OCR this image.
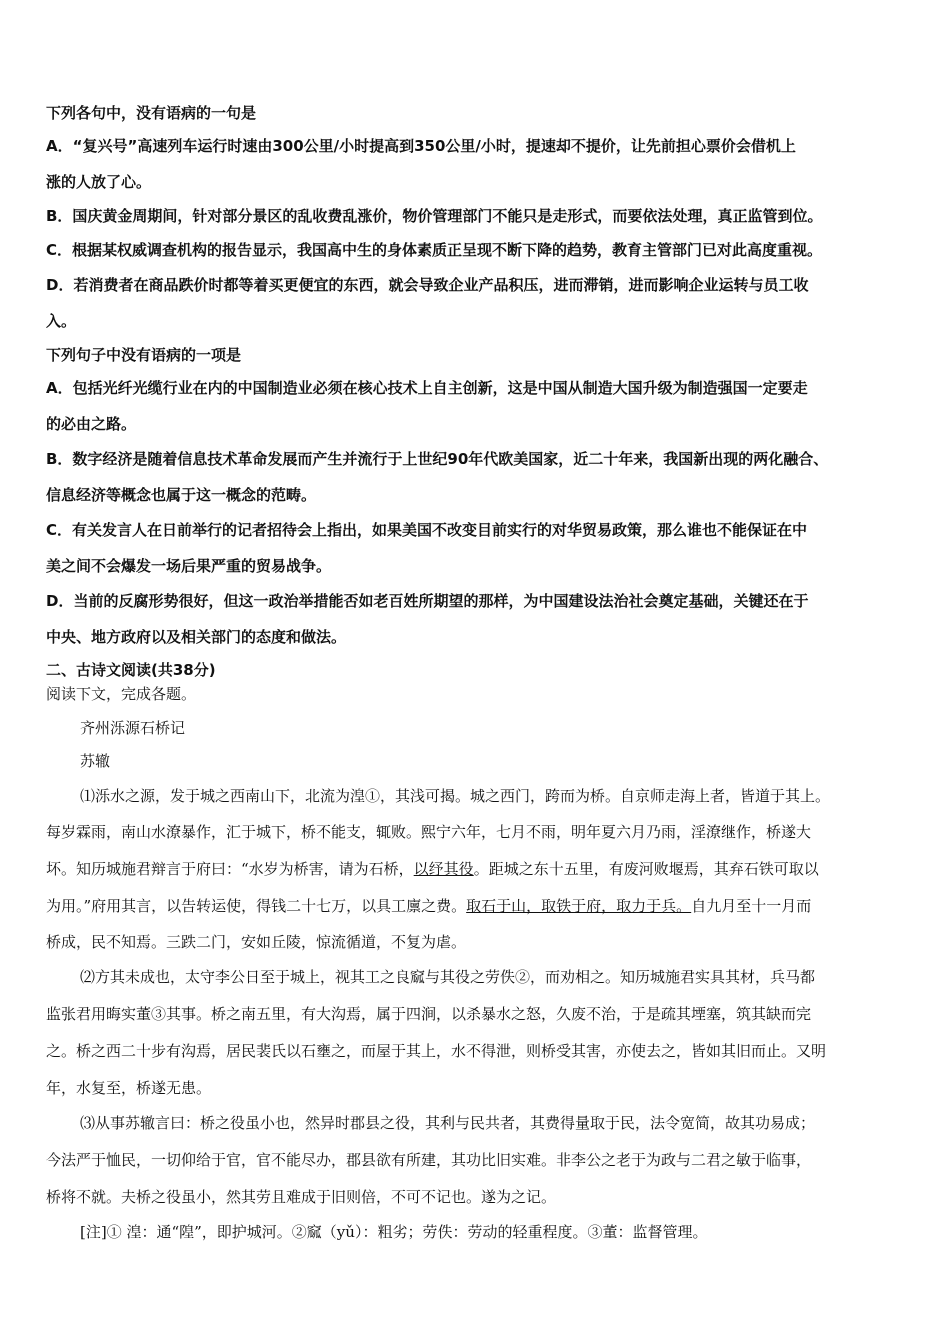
下列各句中，没有语病的一句是
A．“复兴号”高速列车运行时速由300公里/小时提高到350公里/小时，提速却不提价，让先前担心票价会借机上
涨的人放了心。
B．国庆黄金周期间，针对部分景区的乱收费乱涨价，物价管理部门不能只是走形式，而要依法处理，真正监管到位。
C．根据某权威调查机构的报告显示，我国高中生的身体素质正呈现不断下降的趋势，教育主管部门已对此高度重视。
D．若消费者在商品跌价时都等着买更便宜的东西，就会导致企业产品积压，进而滞销，进而影响企业运转与员工收
入。
下列句子中没有语病的一项是
A．包括光纤光缆行业在内的中国制造业必须在核心技术上自主创新，这是中国从制造大国升级为制造强国一定要走
的必由之路。
B．数字经济是随着信息技术革命发展而产生并流行于上世纪90年代欧美国家，近二十年来，我国新出现的两化融合、
信息经济等概念也属于这一概念的范畴。
C．有关发言人在日前举行的记者招待会上指出，如果美国不改变目前实行的对华贸易政策，那么谁也不能保证在中
美之间不会爆发一场后果严重的贸易战争。
D．当前的反腐形势很好，但这一政治举措能否如老百姓所期望的那样，为中国建设法治社会奠定基础，关键还在于
中央、地方政府以及相关部门的态度和做法。
二、古诗文阅读(共38分)
阅读下文，完成各题。
齐州泺源石桥记
苏辙
⑴泺水之源，发于城之西南山下，北流为湟①，其浅可揭。城之西门，跨而为桥。自京师走海上者，皆道于其上。
每岁霖雨，南山水潦暴作，汇于城下，桥不能支，辄败。熙宁六年，七月不雨，明年夏六月乃雨，淫潦继作，桥遂大
坏。知历城施君辩言于府曰：“水岁为桥害，请为石桥，以纾其役。距城之东十五里，有废河败堰焉，其弃石铁可取以
为用。”府用其言，以告转运使，得钱二十七万，以具工廪之费。取石于山，取铁于府，取力于兵。自九月至十一月而
桥成，民不知焉。三跌二门，安如丘陵，惊流循道，不复为虐。
⑵方其未成也，太守李公日至于城上，视其工之良窳与其役之劳佚②，而劝相之。知历城施君实具其材，兵马都
监张君用晦实董③其事。桥之南五里，有大沟焉，属于四涧，以杀暴水之怒，久废不治，于是疏其堙塞，筑其缺而完
之。桥之西二十步有沟焉，居民裴氏以石壅之，而屋于其上，水不得泄，则桥受其害，亦使去之，皆如其旧而止。又明
年，水复至，桥遂无患。
⑶从事苏辙言曰：桥之役虽小也，然异时郡县之役，其利与民共者，其费得量取于民，法令宽简，故其功易成；
今法严于恤民，一切仰给于官，官不能尽办，郡县欲有所建，其功比旧实难。非李公之老于为政与二君之敏于临事，
桥将不就。夫桥之役虽小，然其劳且难成于旧则倍，不可不记也。遂为之记。
[注]① 湟：通“隍”，即护城河。②窳（yǔ）：粗劣；劳佚：劳动的轻重程度。③董：监督管理。
